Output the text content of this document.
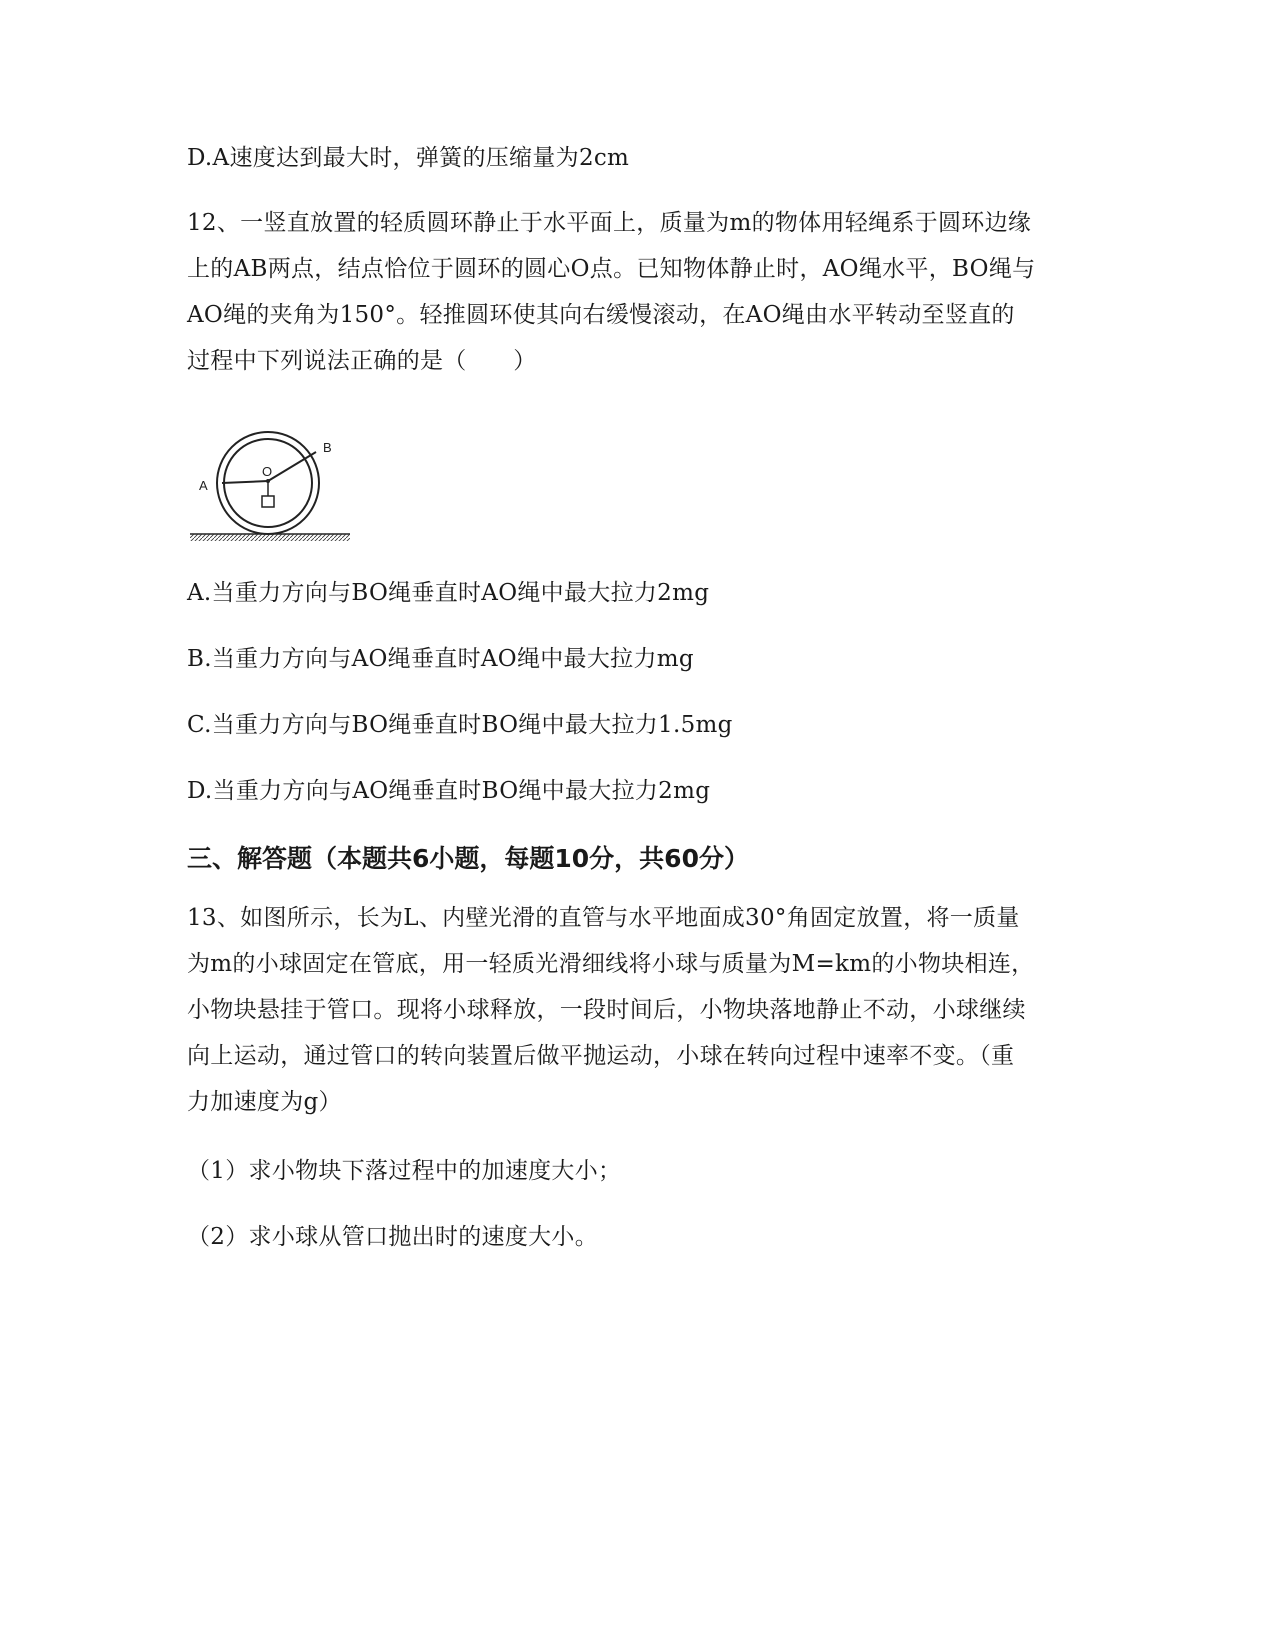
D.A速度达到最大时，弹簧的压缩量为2cm
12、一竖直放置的轻质圆环静止于水平面上，质量为m的物体用轻绳系于圆环边缘
上的AB两点，结点恰位于圆环的圆心O点。已知物体静止时，AO绳水平，BO绳与
AO绳的夹角为150°。轻推圆环使其向右缓慢滚动，在AO绳由水平转动至竖直的
过程中下列说法正确的是（　　）
A
B
O
A.当重力方向与BO绳垂直时AO绳中最大拉力2mg
B.当重力方向与AO绳垂直时AO绳中最大拉力mg
C.当重力方向与BO绳垂直时BO绳中最大拉力1.5mg
D.当重力方向与AO绳垂直时BO绳中最大拉力2mg
三、解答题（本题共6小题，每题10分，共60分）
13、如图所示，长为L、内壁光滑的直管与水平地面成30°角固定放置，将一质量
为m的小球固定在管底，用一轻质光滑细线将小球与质量为M=km的小物块相连，
小物块悬挂于管口。现将小球释放，一段时间后，小物块落地静止不动，小球继续
向上运动，通过管口的转向装置后做平抛运动，小球在转向过程中速率不变。（重
力加速度为g）
（1）求小物块下落过程中的加速度大小；
（2）求小球从管口抛出时的速度大小。
